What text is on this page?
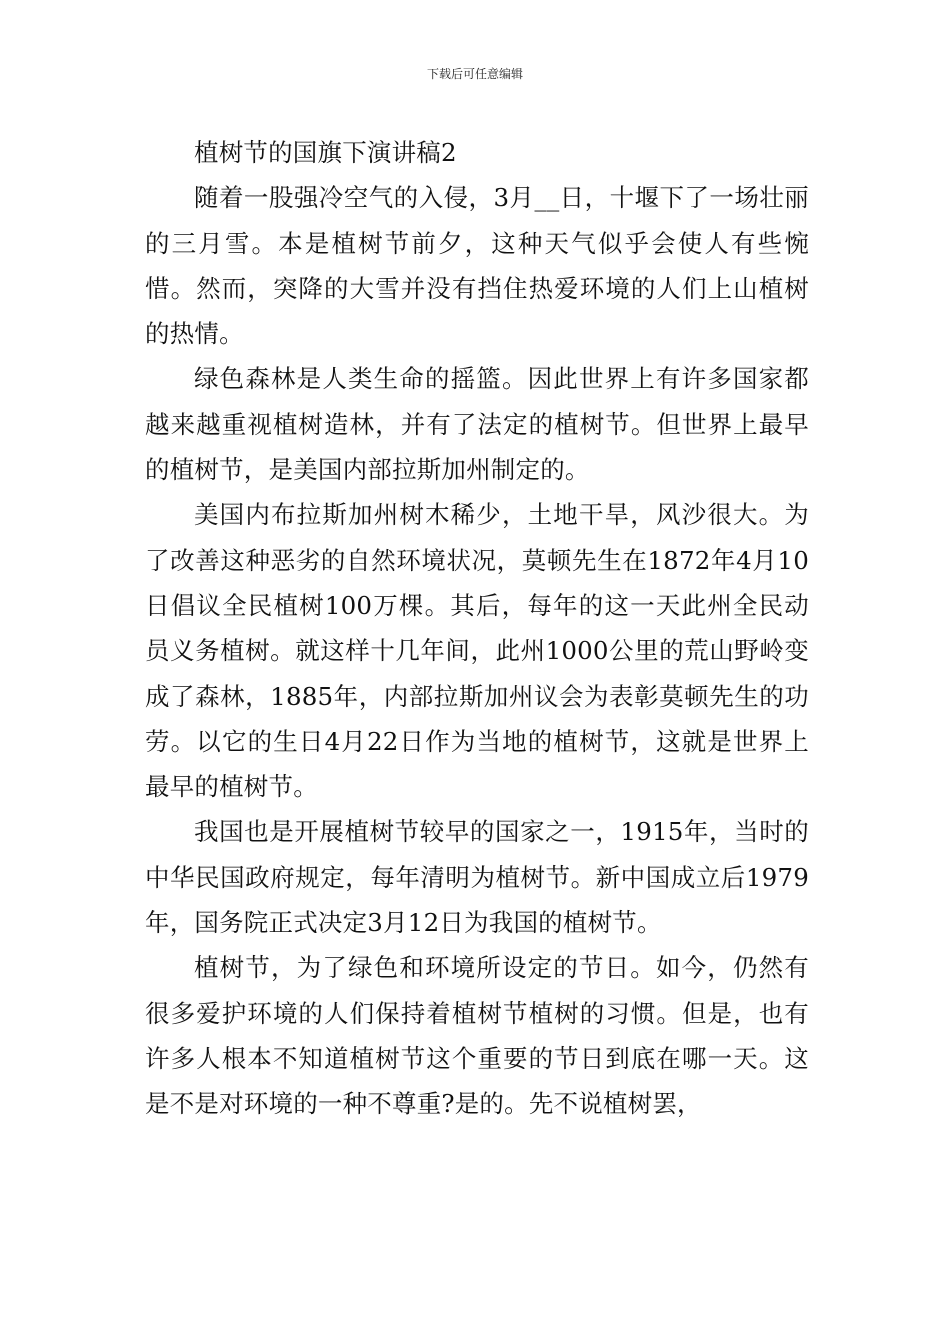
下载后可任意编辑

植树节的国旗下演讲稿2

随着一股强冷空气的入侵，3月__日，十堰下了一场壮丽的三月雪。本是植树节前夕，这种天气似乎会使人有些惋惜。然而，突降的大雪并没有挡住热爱环境的人们上山植树的热情。

绿色森林是人类生命的摇篮。因此世界上有许多国家都越来越重视植树造林，并有了法定的植树节。但世界上最早的植树节，是美国内部拉斯加州制定的。

美国内布拉斯加州树木稀少，土地干旱，风沙很大。为了改善这种恶劣的自然环境状况，莫顿先生在1872年4月10日倡议全民植树100万棵。其后，每年的这一天此州全民动员义务植树。就这样十几年间，此州1000公里的荒山野岭变成了森林，1885年，内部拉斯加州议会为表彰莫顿先生的功劳。以它的生日4月22日作为当地的植树节，这就是世界上最早的植树节。

我国也是开展植树节较早的国家之一，1915年，当时的中华民国政府规定，每年清明为植树节。新中国成立后1979年，国务院正式决定3月12日为我国的植树节。

植树节，为了绿色和环境所设定的节日。如今，仍然有很多爱护环境的人们保持着植树节植树的习惯。但是，也有许多人根本不知道植树节这个重要的节日到底在哪一天。这是不是对环境的一种不尊重?是的。先不说植树罢，
